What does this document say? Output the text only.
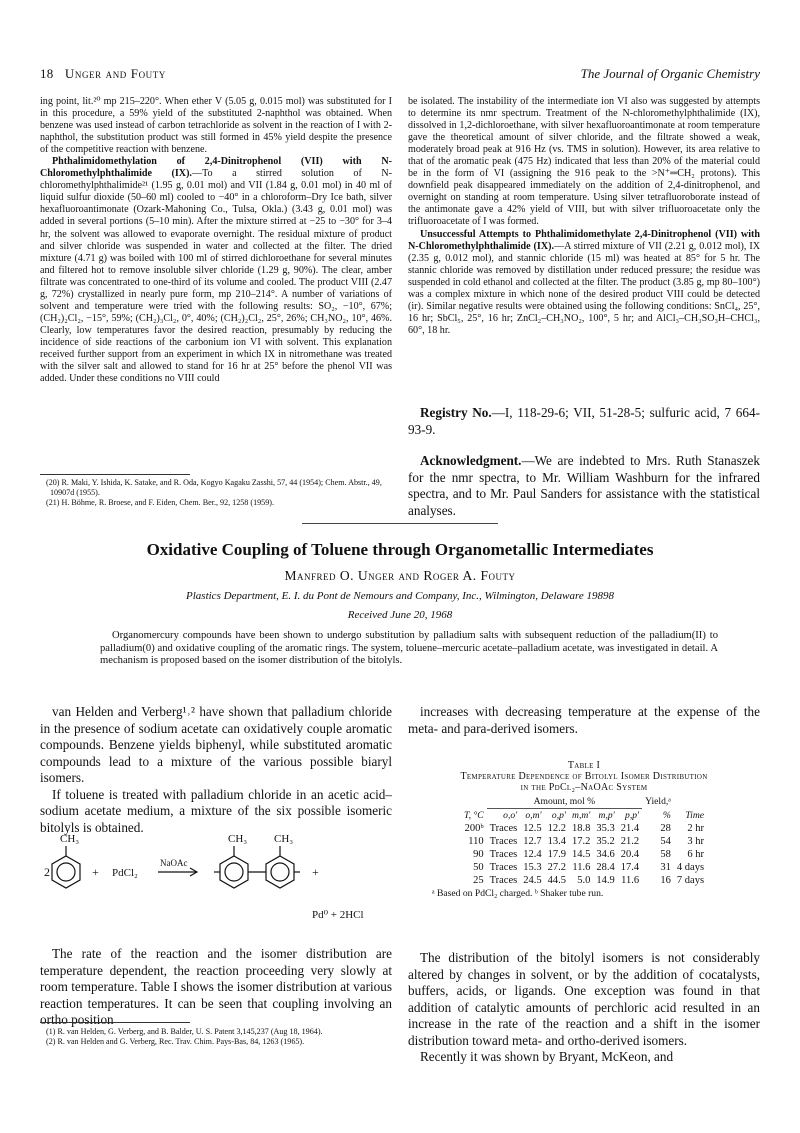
18 Unger and Fouty	The Journal of Organic Chemistry

ing point, lit.²⁰ mp 215–220°. When ether V (5.05 g, 0.015 mol) was substituted for I in this procedure, a 59% yield of the substituted 2-naphthol was obtained. When benzene was used instead of carbon tetrachloride as solvent in the reaction of I with 2-naphthol, the substitution product was still formed in 45% yield despite the presence of the competitive reaction with benzene.

Phthalimidomethylation of 2,4-Dinitrophenol (VII) with N-Chloromethylphthalimide (IX).—To a stirred solution of N-chloromethylphthalimide²¹ (1.95 g, 0.01 mol) and VII (1.84 g, 0.01 mol) in 40 ml of liquid sulfur dioxide (50–60 ml) cooled to −40° in a chloroform–Dry Ice bath, silver hexafluoroantimonate (Ozark-Mahoning Co., Tulsa, Okla.) (3.43 g, 0.01 mol) was added in several portions (5–10 min). After the mixture stirred at −25 to −30° for 3–4 hr, the solvent was allowed to evaporate overnight. The residual mixture of product and silver chloride was suspended in water and collected at the filter. The dried mixture (4.71 g) was boiled with 100 ml of stirred dichloroethane for several minutes and filtered hot to remove insoluble silver chloride (1.29 g, 90%). The clear, amber filtrate was concentrated to one-third of its volume and cooled. The product VIII (2.47 g, 72%) crystallized in nearly pure form, mp 210–214°. A number of variations of solvent and temperature were tried with the following results: SO₂, −10°, 67%; (CH₂)₂Cl₂, −15°, 59%; (CH₂)₃Cl₂, 0°, 40%; (CH₂)₂Cl₂, 25°, 26%; CH₃NO₂, 10°, 46%. Clearly, low temperatures favor the desired reaction, presumably by reducing the incidence of side reactions of the carbonium ion VI with solvent. This explanation received further support from an experiment in which IX in nitromethane was treated with the silver salt and allowed to stand for 16 hr at 25° before the phenol VII was added. Under these conditions no VIII could

(20) R. Maki, Y. Ishida, K. Satake, and R. Oda, Kogyo Kagaku Zasshi, 57, 44 (1954); Chem. Abstr., 49, 10907d (1955).

(21) H. Böhme, R. Broese, and F. Eiden, Chem. Ber., 92, 1258 (1959).

be isolated. The instability of the intermediate ion VI also was suggested by attempts to determine its nmr spectrum. Treatment of the N-chloromethylphthalimide (IX), dissolved in 1,2-dichloroethane, with silver hexafluoroantimonate at room temperature gave the theoretical amount of silver chloride, and the filtrate showed a weak, moderately broad peak at 916 Hz (vs. TMS in solution). However, its area relative to that of the aromatic peak (475 Hz) indicated that less than 20% of the material could be in the form of VI (assigning the 916 peak to the >N⁺═CH₂ protons). This downfield peak disappeared immediately on the addition of 2,4-dinitrophenol, and overnight on standing at room temperature. Using silver tetrafluoroborate instead of the antimonate gave a 42% yield of VIII, but with silver trifluoroacetate only the trifluoroacetate of I was formed.

Unsuccessful Attempts to Phthalimidomethylate 2,4-Dinitrophenol (VII) with N-Chloromethylphthalimide (IX).—A stirred mixture of VII (2.21 g, 0.012 mol), IX (2.35 g, 0.012 mol), and stannic chloride (15 ml) was heated at 85° for 5 hr. The stannic chloride was removed by distillation under reduced pressure; the residue was suspended in cold ethanol and collected at the filter. The product (3.85 g, mp 80–100°) was a complex mixture in which none of the desired product VIII could be detected (ir). Similar negative results were obtained using the following conditions: SnCl₄, 25°, 16 hr; SbCl₅, 25°, 16 hr; ZnCl₂–CH₃NO₂, 100°, 5 hr; and AlCl₃–CH₃SO₃H–CHCl₃, 60°, 18 hr.

Registry No.—I, 118-29-6; VII, 51-28-5; sulfuric acid, 7 664-93-9.

Acknowledgment.—We are indebted to Mrs. Ruth Stanaszek for the nmr spectra, to Mr. William Washburn for the infrared spectra, and to Mr. Paul Sanders for assistance with the statistical analyses.

Oxidative Coupling of Toluene through Organometallic Intermediates
Manfred O. Unger and Roger A. Fouty
Plastics Department, E. I. du Pont de Nemours and Company, Inc., Wilmington, Delaware 19898
Received June 20, 1968
Organomercury compounds have been shown to undergo substitution by palladium salts with subsequent reduction of the palladium(II) to palladium(0) and oxidative coupling of the aromatic rings. The system, toluene–mercuric acetate–palladium acetate, was investigated in detail. A mechanism is proposed based on the isomer distribution of the bitolyls.

van Helden and Verberg¹˒² have shown that palladium chloride in the presence of sodium acetate can oxidatively couple aromatic compounds. Benzene yields biphenyl, while substituted aromatic compounds lead to a mixture of the various possible biaryl isomers.

If toluene is treated with palladium chloride in an acetic acid–sodium acetate medium, a mixture of the six possible isomeric bitolyls is obtained.

CH₃
2	+ PdCl₂
NaOAc
CH₃ CH₃
+
Pd⁰ + 2HCl

The rate of the reaction and the isomer distribution are temperature dependent, the reaction proceeding very slowly at room temperature. Table I shows the isomer distribution at various reaction temperatures. It can be seen that coupling involving an ortho position

(1) R. van Helden, G. Verberg, and B. Balder, U. S. Patent 3,145,237 (Aug 18, 1964).

(2) R. van Helden and G. Verberg, Rec. Trav. Chim. Pays-Bas, 84, 1263 (1965).

increases with decreasing temperature at the expense of the meta- and para-derived isomers.

Table I
Temperature Dependence of Bitolyl Isomer Distribution
in the PdCl₂–NaOAc System
	Amount, mol %						Yield,ᵃ	
T, °C	o,o'	o,m'	o,p'	m,m'	m,p'	p,p'	%	Time
200ᵇ	Traces	12.5	12.2	18.8	35.3	21.4	28	2 hr
110	Traces	12.7	13.4	17.2	35.2	21.2	54	3 hr
90	Traces	12.4	17.9	14.5	34.6	20.4	58	6 hr
50	Traces	15.3	27.2	11.6	28.4	17.4	31	4 days
25	Traces	24.5	44.5	5.0	14.9	11.6	16	7 days
ᵃ Based on PdCl₂ charged. ᵇ Shaker tube run.

The distribution of the bitolyl isomers is not considerably altered by changes in solvent, or by the addition of cocatalysts, buffers, acids, or ligands. One exception was found in that addition of catalytic amounts of perchloric acid resulted in an increase in the rate of the reaction and a shift in the isomer distribution toward meta- and ortho-derived isomers.

Recently it was shown by Bryant, McKeon, and
